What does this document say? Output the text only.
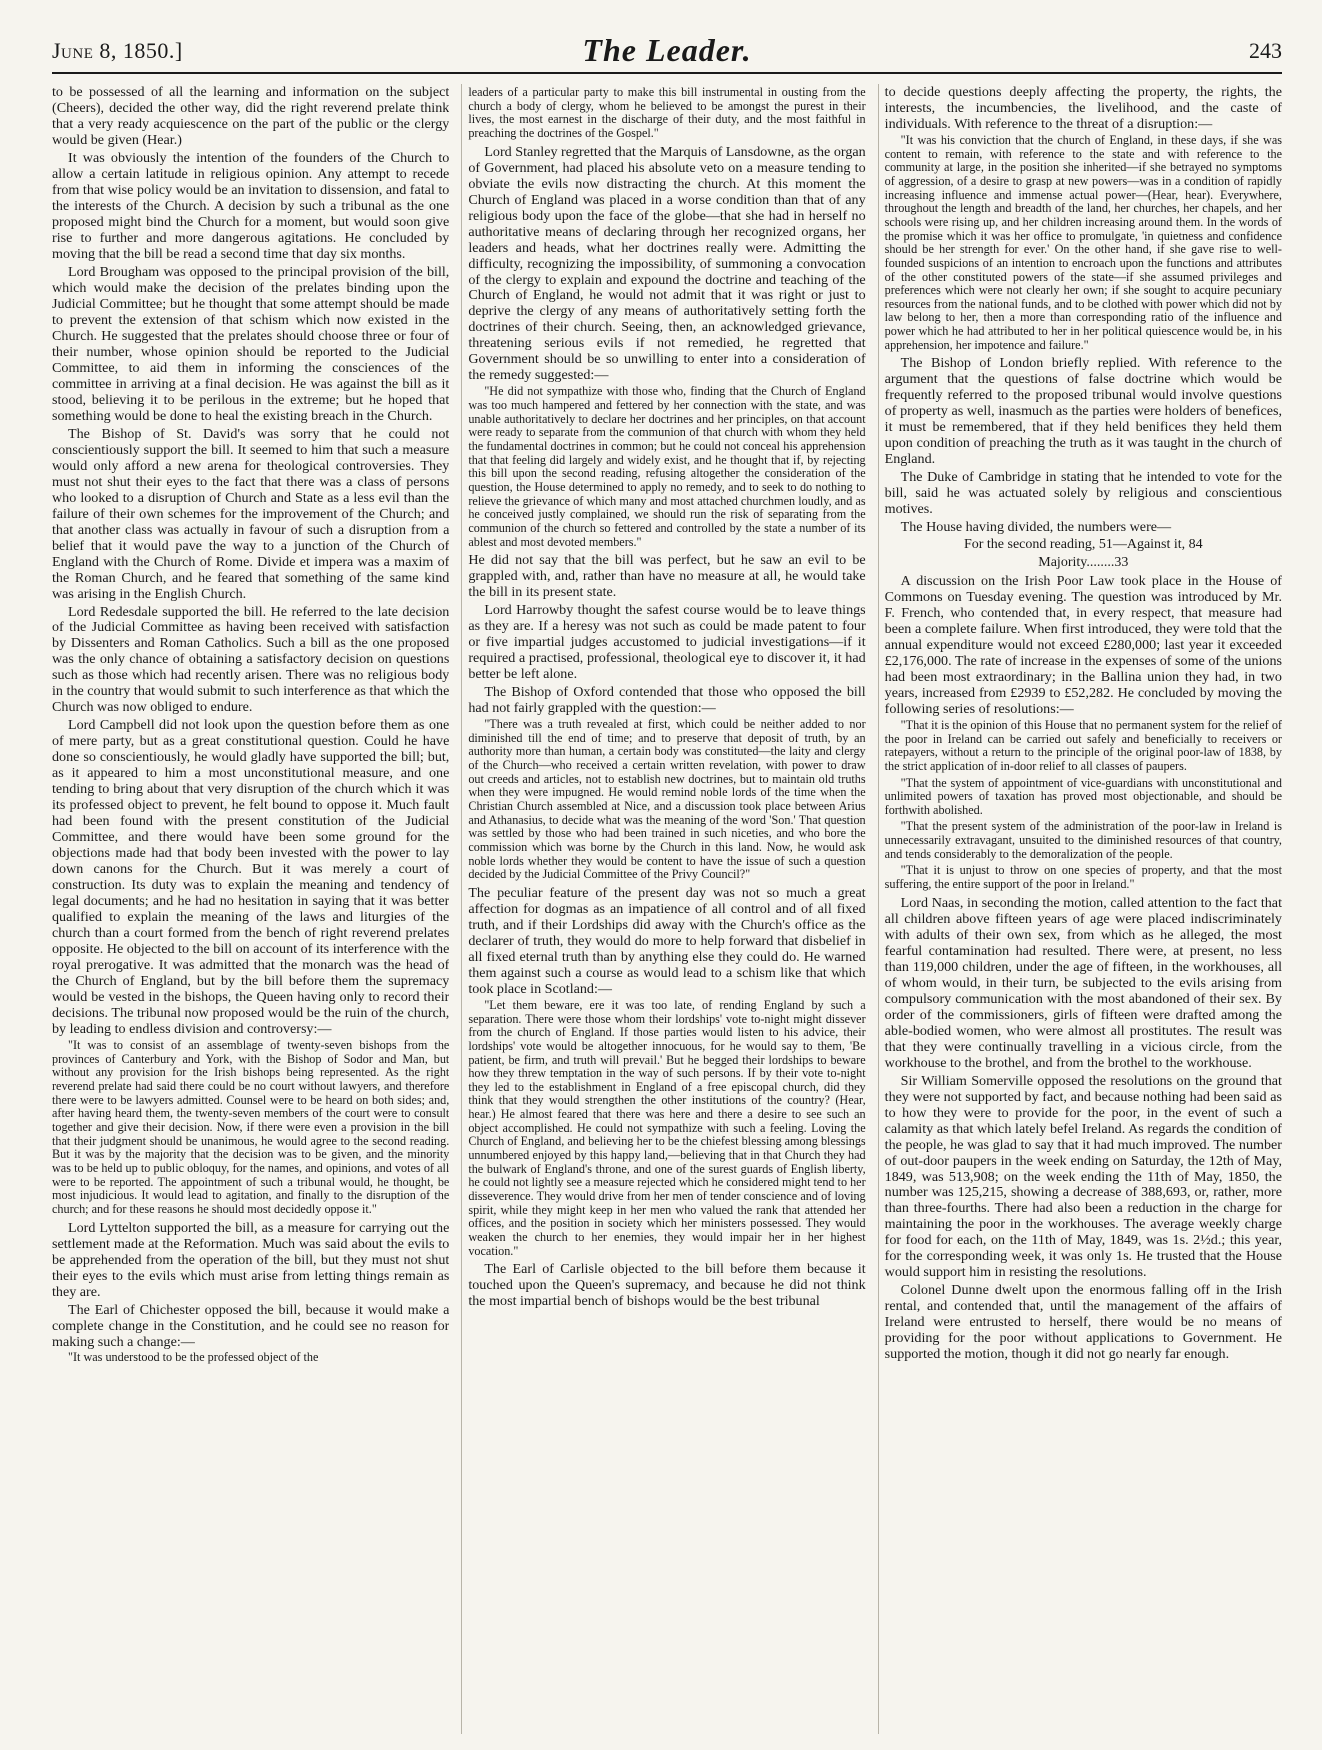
June 8, 1850.]	The Leader.	243

to be possessed of all the learning and information on the subject (Cheers), decided the other way, did the right reverend prelate think that a very ready acquiescence on the part of the public or the clergy would be given (Hear.)

It was obviously the intention of the founders of the Church to allow a certain latitude in religious opinion. Any attempt to recede from that wise policy would be an invitation to dissension, and fatal to the interests of the Church. A decision by such a tribunal as the one proposed might bind the Church for a moment, but would soon give rise to further and more dangerous agitations. He concluded by moving that the bill be read a second time that day six months.

Lord Brougham was opposed to the principal provision of the bill, which would make the decision of the prelates binding upon the Judicial Committee; but he thought that some attempt should be made to prevent the extension of that schism which now existed in the Church. He suggested that the prelates should choose three or four of their number, whose opinion should be reported to the Judicial Committee, to aid them in informing the consciences of the committee in arriving at a final decision. He was against the bill as it stood, believing it to be perilous in the extreme; but he hoped that something would be done to heal the existing breach in the Church.

The Bishop of St. David's was sorry that he could not conscientiously support the bill. It seemed to him that such a measure would only afford a new arena for theological controversies. They must not shut their eyes to the fact that there was a class of persons who looked to a disruption of Church and State as a less evil than the failure of their own schemes for the improvement of the Church; and that another class was actually in favour of such a disruption from a belief that it would pave the way to a junction of the Church of England with the Church of Rome. Divide et impera was a maxim of the Roman Church, and he feared that something of the same kind was arising in the English Church.

Lord Redesdale supported the bill. He referred to the late decision of the Judicial Committee as having been received with satisfaction by Dissenters and Roman Catholics. Such a bill as the one proposed was the only chance of obtaining a satisfactory decision on questions such as those which had recently arisen. There was no religious body in the country that would submit to such interference as that which the Church was now obliged to endure.

Lord Campbell did not look upon the question before them as one of mere party, but as a great constitutional question. Could he have done so conscientiously, he would gladly have supported the bill; but, as it appeared to him a most unconstitutional measure, and one tending to bring about that very disruption of the church which it was its professed object to prevent, he felt bound to oppose it. Much fault had been found with the present constitution of the Judicial Committee, and there would have been some ground for the objections made had that body been invested with the power to lay down canons for the Church. But it was merely a court of construction. Its duty was to explain the meaning and tendency of legal documents; and he had no hesitation in saying that it was better qualified to explain the meaning of the laws and liturgies of the church than a court formed from the bench of right reverend prelates opposite. He objected to the bill on account of its interference with the royal prerogative. It was admitted that the monarch was the head of the Church of England, but by the bill before them the supremacy would be vested in the bishops, the Queen having only to record their decisions. The tribunal now proposed would be the ruin of the church, by leading to endless division and controversy:—

"It was to consist of an assemblage of twenty-seven bishops from the provinces of Canterbury and York, with the Bishop of Sodor and Man, but without any provision for the Irish bishops being represented. As the right reverend prelate had said there could be no court without lawyers, and therefore there were to be lawyers admitted. Counsel were to be heard on both sides; and, after having heard them, the twenty-seven members of the court were to consult together and give their decision. Now, if there were even a provision in the bill that their judgment should be unanimous, he would agree to the second reading. But it was by the majority that the decision was to be given, and the minority was to be held up to public obloquy, for the names, and opinions, and votes of all were to be reported. The appointment of such a tribunal would, he thought, be most injudicious. It would lead to agitation, and finally to the disruption of the church; and for these reasons he should most decidedly oppose it."

Lord Lyttelton supported the bill, as a measure for carrying out the settlement made at the Reformation. Much was said about the evils to be apprehended from the operation of the bill, but they must not shut their eyes to the evils which must arise from letting things remain as they are.

The Earl of Chichester opposed the bill, because it would make a complete change in the Constitution, and he could see no reason for making such a change:—

"It was understood to be the professed object of the

leaders of a particular party to make this bill instrumental in ousting from the church a body of clergy, whom he believed to be amongst the purest in their lives, the most earnest in the discharge of their duty, and the most faithful in preaching the doctrines of the Gospel."

Lord Stanley regretted that the Marquis of Lansdowne, as the organ of Government, had placed his absolute veto on a measure tending to obviate the evils now distracting the church. At this moment the Church of England was placed in a worse condition than that of any religious body upon the face of the globe—that she had in herself no authoritative means of declaring through her recognized organs, her leaders and heads, what her doctrines really were. Admitting the difficulty, recognizing the impossibility, of summoning a convocation of the clergy to explain and expound the doctrine and teaching of the Church of England, he would not admit that it was right or just to deprive the clergy of any means of authoritatively setting forth the doctrines of their church. Seeing, then, an acknowledged grievance, threatening serious evils if not remedied, he regretted that Government should be so unwilling to enter into a consideration of the remedy suggested:—

"He did not sympathize with those who, finding that the Church of England was too much hampered and fettered by her connection with the state, and was unable authoritatively to declare her doctrines and her principles, on that account were ready to separate from the communion of that church with whom they held the fundamental doctrines in common; but he could not conceal his apprehension that that feeling did largely and widely exist, and he thought that if, by rejecting this bill upon the second reading, refusing altogether the consideration of the question, the House determined to apply no remedy, and to seek to do nothing to relieve the grievance of which many and most attached churchmen loudly, and as he conceived justly complained, we should run the risk of separating from the communion of the church so fettered and controlled by the state a number of its ablest and most devoted members."

He did not say that the bill was perfect, but he saw an evil to be grappled with, and, rather than have no measure at all, he would take the bill in its present state.

Lord Harrowby thought the safest course would be to leave things as they are. If a heresy was not such as could be made patent to four or five impartial judges accustomed to judicial investigations—if it required a practised, professional, theological eye to discover it, it had better be left alone.

The Bishop of Oxford contended that those who opposed the bill had not fairly grappled with the question:—

"There was a truth revealed at first, which could be neither added to nor diminished till the end of time; and to preserve that deposit of truth, by an authority more than human, a certain body was constituted—the laity and clergy of the Church—who received a certain written revelation, with power to draw out creeds and articles, not to establish new doctrines, but to maintain old truths when they were impugned. He would remind noble lords of the time when the Christian Church assembled at Nice, and a discussion took place between Arius and Athanasius, to decide what was the meaning of the word 'Son.' That question was settled by those who had been trained in such niceties, and who bore the commission which was borne by the Church in this land. Now, he would ask noble lords whether they would be content to have the issue of such a question decided by the Judicial Committee of the Privy Council?"

The peculiar feature of the present day was not so much a great affection for dogmas as an impatience of all control and of all fixed truth, and if their Lordships did away with the Church's office as the declarer of truth, they would do more to help forward that disbelief in all fixed eternal truth than by anything else they could do. He warned them against such a course as would lead to a schism like that which took place in Scotland:—

"Let them beware, ere it was too late, of rending England by such a separation. There were those whom their lordships' vote to-night might dissever from the church of England. If those parties would listen to his advice, their lordships' vote would be altogether innocuous, for he would say to them, 'Be patient, be firm, and truth will prevail.' But he begged their lordships to beware how they threw temptation in the way of such persons. If by their vote to-night they led to the establishment in England of a free episcopal church, did they think that they would strengthen the other institutions of the country? (Hear, hear.) He almost feared that there was here and there a desire to see such an object accomplished. He could not sympathize with such a feeling. Loving the Church of England, and believing her to be the chiefest blessing among blessings unnumbered enjoyed by this happy land,—believing that in that Church they had the bulwark of England's throne, and one of the surest guards of English liberty, he could not lightly see a measure rejected which he considered might tend to her disseverence. They would drive from her men of tender conscience and of loving spirit, while they might keep in her men who valued the rank that attended her offices, and the position in society which her ministers possessed. They would weaken the church to her enemies, they would impair her in her highest vocation."

The Earl of Carlisle objected to the bill before them because it touched upon the Queen's supremacy, and because he did not think the most impartial bench of bishops would be the best tribunal

to decide questions deeply affecting the property, the rights, the interests, the incumbencies, the livelihood, and the caste of individuals. With reference to the threat of a disruption:—

"It was his conviction that the church of England, in these days, if she was content to remain, with reference to the state and with reference to the community at large, in the position she inherited—if she betrayed no symptoms of aggression, of a desire to grasp at new powers—was in a condition of rapidly increasing influence and immense actual power—(Hear, hear). Everywhere, throughout the length and breadth of the land, her churches, her chapels, and her schools were rising up, and her children increasing around them. In the words of the promise which it was her office to promulgate, 'in quietness and confidence should be her strength for ever.' On the other hand, if she gave rise to well-founded suspicions of an intention to encroach upon the functions and attributes of the other constituted powers of the state—if she assumed privileges and preferences which were not clearly her own; if she sought to acquire pecuniary resources from the national funds, and to be clothed with power which did not by law belong to her, then a more than corresponding ratio of the influence and power which he had attributed to her in her political quiescence would be, in his apprehension, her impotence and failure."

The Bishop of London briefly replied. With reference to the argument that the questions of false doctrine which would be frequently referred to the proposed tribunal would involve questions of property as well, inasmuch as the parties were holders of benefices, it must be remembered, that if they held benifices they held them upon condition of preaching the truth as it was taught in the church of England.

The Duke of Cambridge in stating that he intended to vote for the bill, said he was actuated solely by religious and conscientious motives.

The House having divided, the numbers were—

For the second reading, 51—Against it, 84
Majority........33

A discussion on the Irish Poor Law took place in the House of Commons on Tuesday evening. The question was introduced by Mr. F. French, who contended that, in every respect, that measure had been a complete failure. When first introduced, they were told that the annual expenditure would not exceed £280,000; last year it exceeded £2,176,000. The rate of increase in the expenses of some of the unions had been most extraordinary; in the Ballina union they had, in two years, increased from £2939 to £52,282. He concluded by moving the following series of resolutions:—

"That it is the opinion of this House that no permanent system for the relief of the poor in Ireland can be carried out safely and beneficially to receivers or ratepayers, without a return to the principle of the original poor-law of 1838, by the strict application of in-door relief to all classes of paupers.

"That the system of appointment of vice-guardians with unconstitutional and unlimited powers of taxation has proved most objectionable, and should be forthwith abolished.

"That the present system of the administration of the poor-law in Ireland is unnecessarily extravagant, unsuited to the diminished resources of that country, and tends considerably to the demoralization of the people.

"That it is unjust to throw on one species of property, and that the most suffering, the entire support of the poor in Ireland."

Lord Naas, in seconding the motion, called attention to the fact that all children above fifteen years of age were placed indiscriminately with adults of their own sex, from which as he alleged, the most fearful contamination had resulted. There were, at present, no less than 119,000 children, under the age of fifteen, in the workhouses, all of whom would, in their turn, be subjected to the evils arising from compulsory communication with the most abandoned of their sex. By order of the commissioners, girls of fifteen were drafted among the able-bodied women, who were almost all prostitutes. The result was that they were continually travelling in a vicious circle, from the workhouse to the brothel, and from the brothel to the workhouse.

Sir William Somerville opposed the resolutions on the ground that they were not supported by fact, and because nothing had been said as to how they were to provide for the poor, in the event of such a calamity as that which lately befel Ireland. As regards the condition of the people, he was glad to say that it had much improved. The number of out-door paupers in the week ending on Saturday, the 12th of May, 1849, was 513,908; on the week ending the 11th of May, 1850, the number was 125,215, showing a decrease of 388,693, or, rather, more than three-fourths. There had also been a reduction in the charge for maintaining the poor in the workhouses. The average weekly charge for food for each, on the 11th of May, 1849, was 1s. 2½d.; this year, for the corresponding week, it was only 1s. He trusted that the House would support him in resisting the resolutions.

Colonel Dunne dwelt upon the enormous falling off in the Irish rental, and contended that, until the management of the affairs of Ireland were entrusted to herself, there would be no means of providing for the poor without applications to Government. He supported the motion, though it did not go nearly far enough.
